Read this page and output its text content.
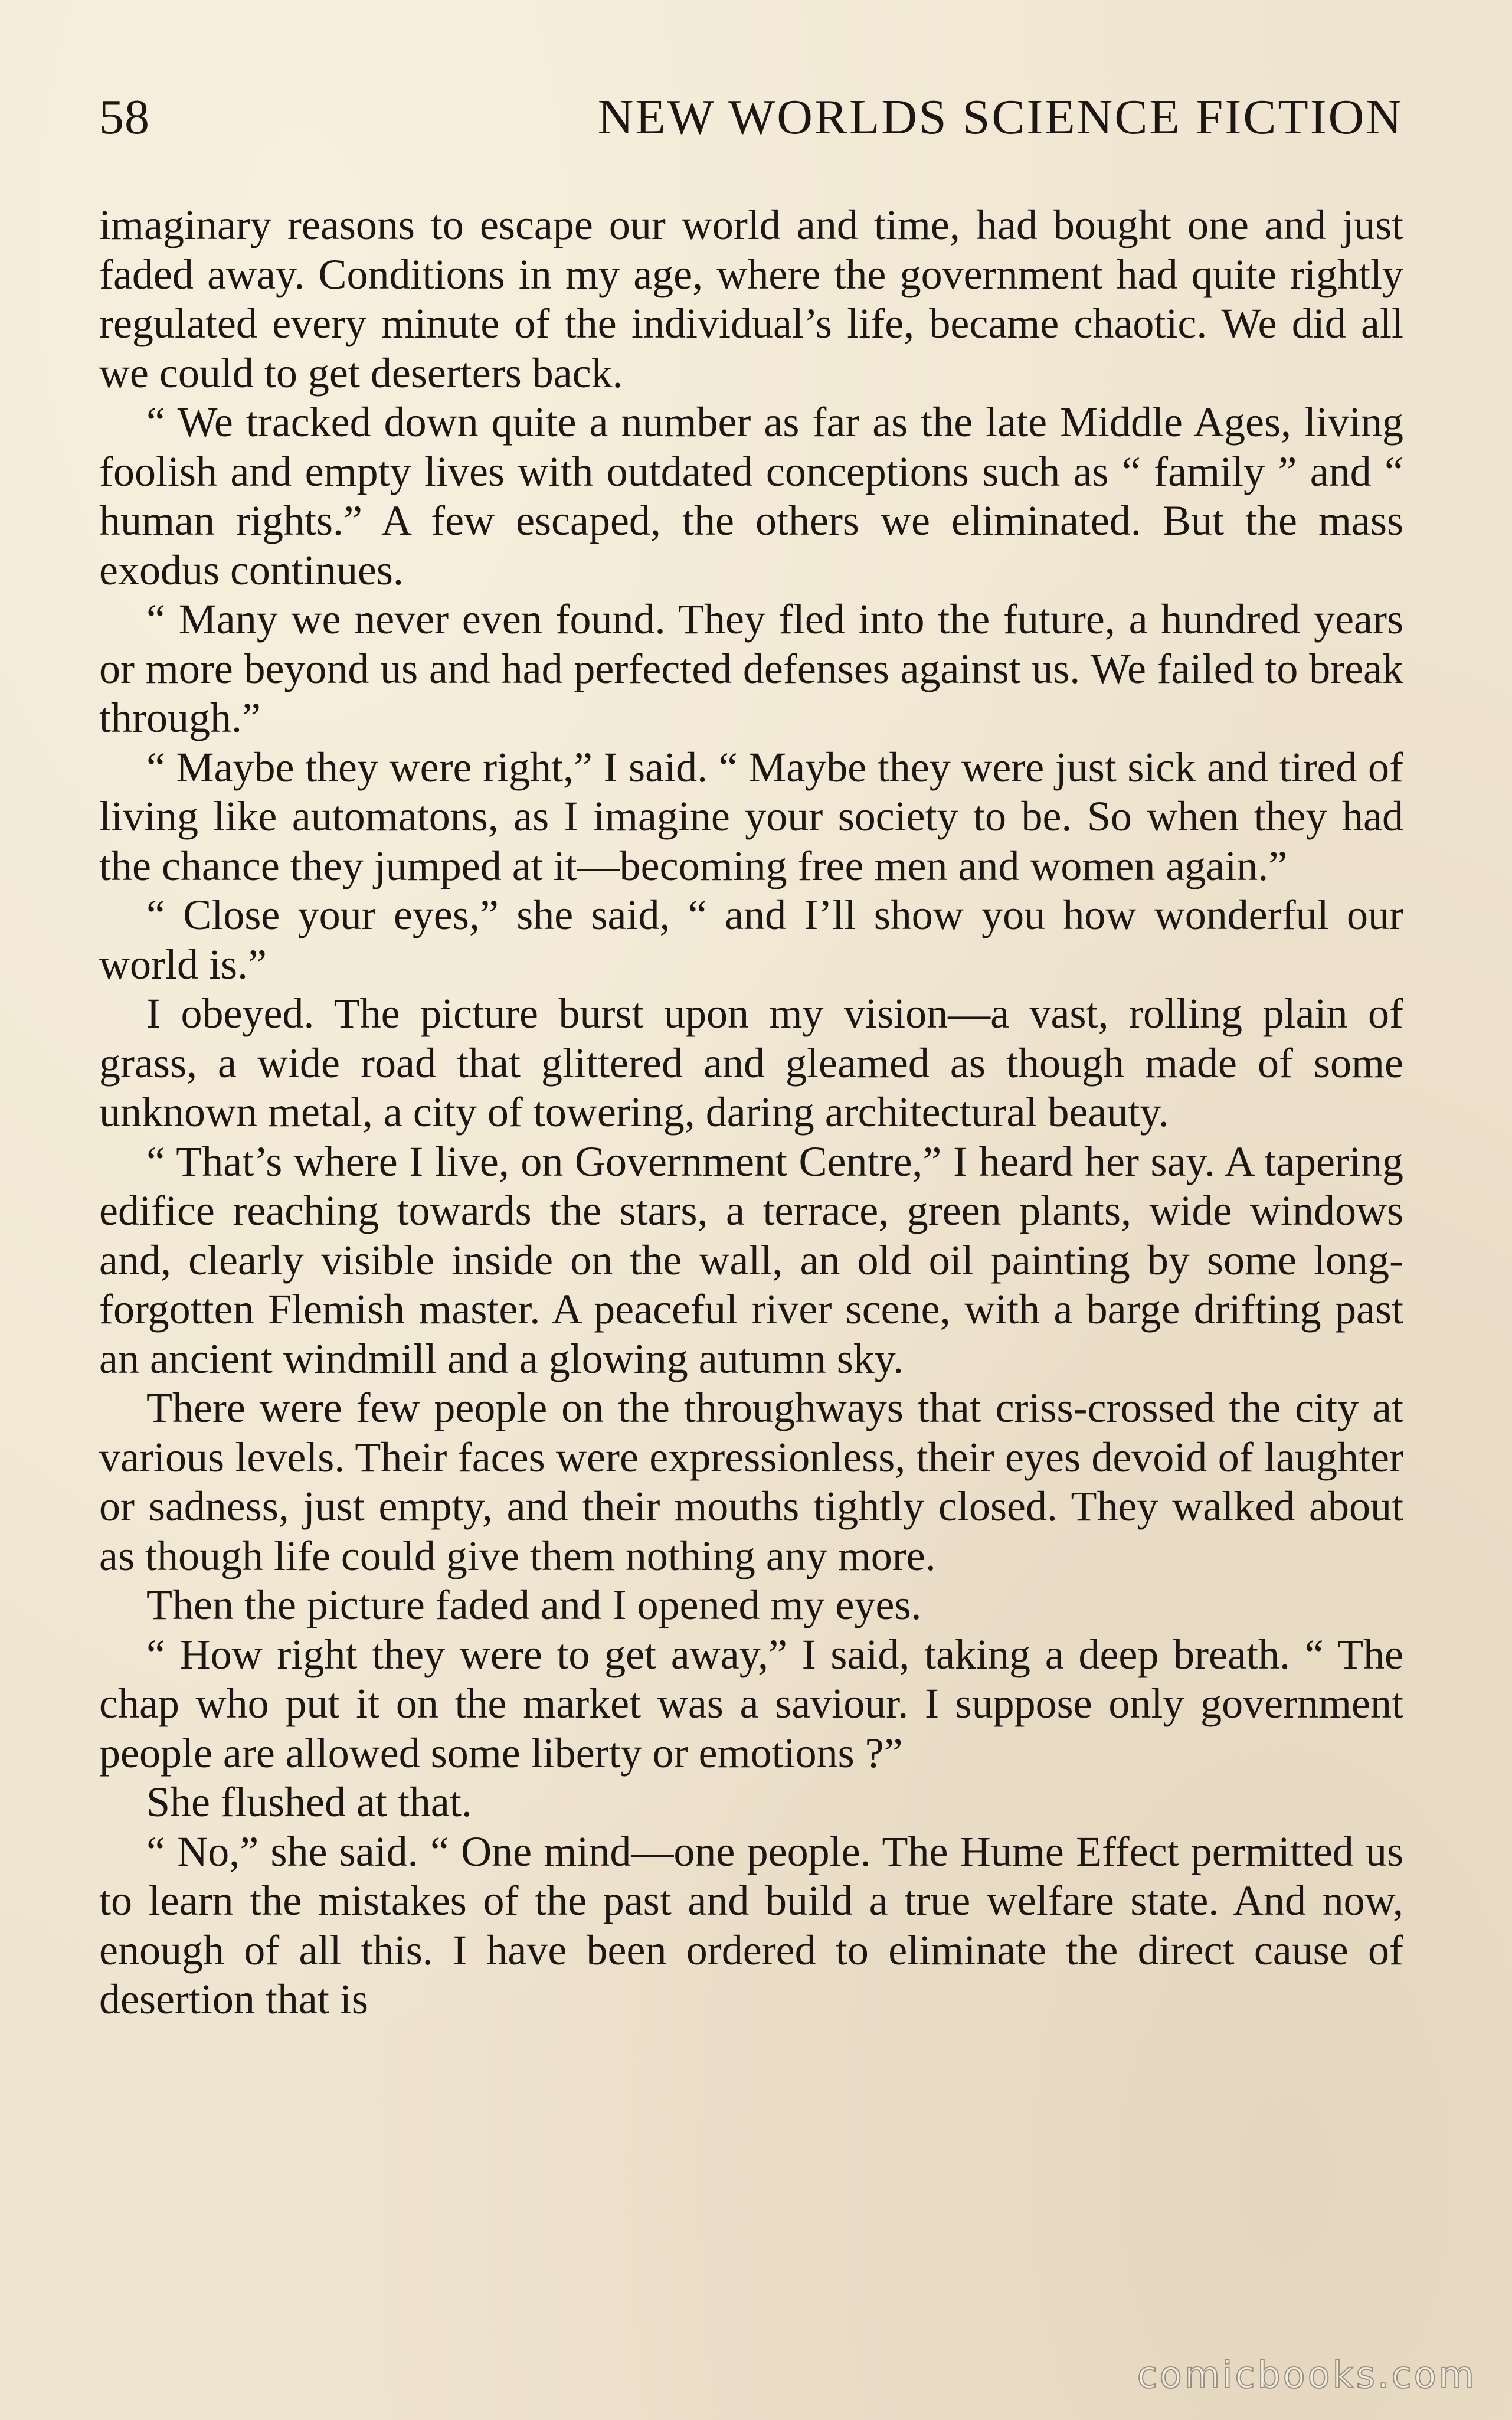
58	NEW WORLDS SCIENCE FICTION

imaginary reasons to escape our world and time, had bought one and just faded away. Conditions in my age, where the government had quite rightly regulated every minute of the individual’s life, became chaotic. We did all we could to get deserters back.

“ We tracked down quite a number as far as the late Middle Ages, living foolish and empty lives with outdated conceptions such as “ family ” and “ human rights.” A few escaped, the others we eliminated. But the mass exodus continues.

“ Many we never even found. They fled into the future, a hundred years or more beyond us and had perfected defenses against us. We failed to break through.”

“ Maybe they were right,” I said. “ Maybe they were just sick and tired of living like automatons, as I imagine your society to be. So when they had the chance they jumped at it—becoming free men and women again.”

“ Close your eyes,” she said, “ and I’ll show you how wonderful our world is.”

I obeyed. The picture burst upon my vision—a vast, rolling plain of grass, a wide road that glittered and gleamed as though made of some unknown metal, a city of towering, daring architectural beauty.

“ That’s where I live, on Government Centre,” I heard her say. A tapering edifice reaching towards the stars, a terrace, green plants, wide windows and, clearly visible inside on the wall, an old oil painting by some long-forgotten Flemish master. A peaceful river scene, with a barge drifting past an ancient windmill and a glowing autumn sky.

There were few people on the throughways that criss-crossed the city at various levels. Their faces were expressionless, their eyes devoid of laughter or sadness, just empty, and their mouths tightly closed. They walked about as though life could give them nothing any more.

Then the picture faded and I opened my eyes.

“ How right they were to get away,” I said, taking a deep breath. “ The chap who put it on the market was a saviour. I suppose only government people are allowed some liberty or emotions ?”

She flushed at that.

“ No,” she said. “ One mind—one people. The Hume Effect permitted us to learn the mistakes of the past and build a true welfare state. And now, enough of all this. I have been ordered to eliminate the direct cause of desertion that is

comicbooks.com
